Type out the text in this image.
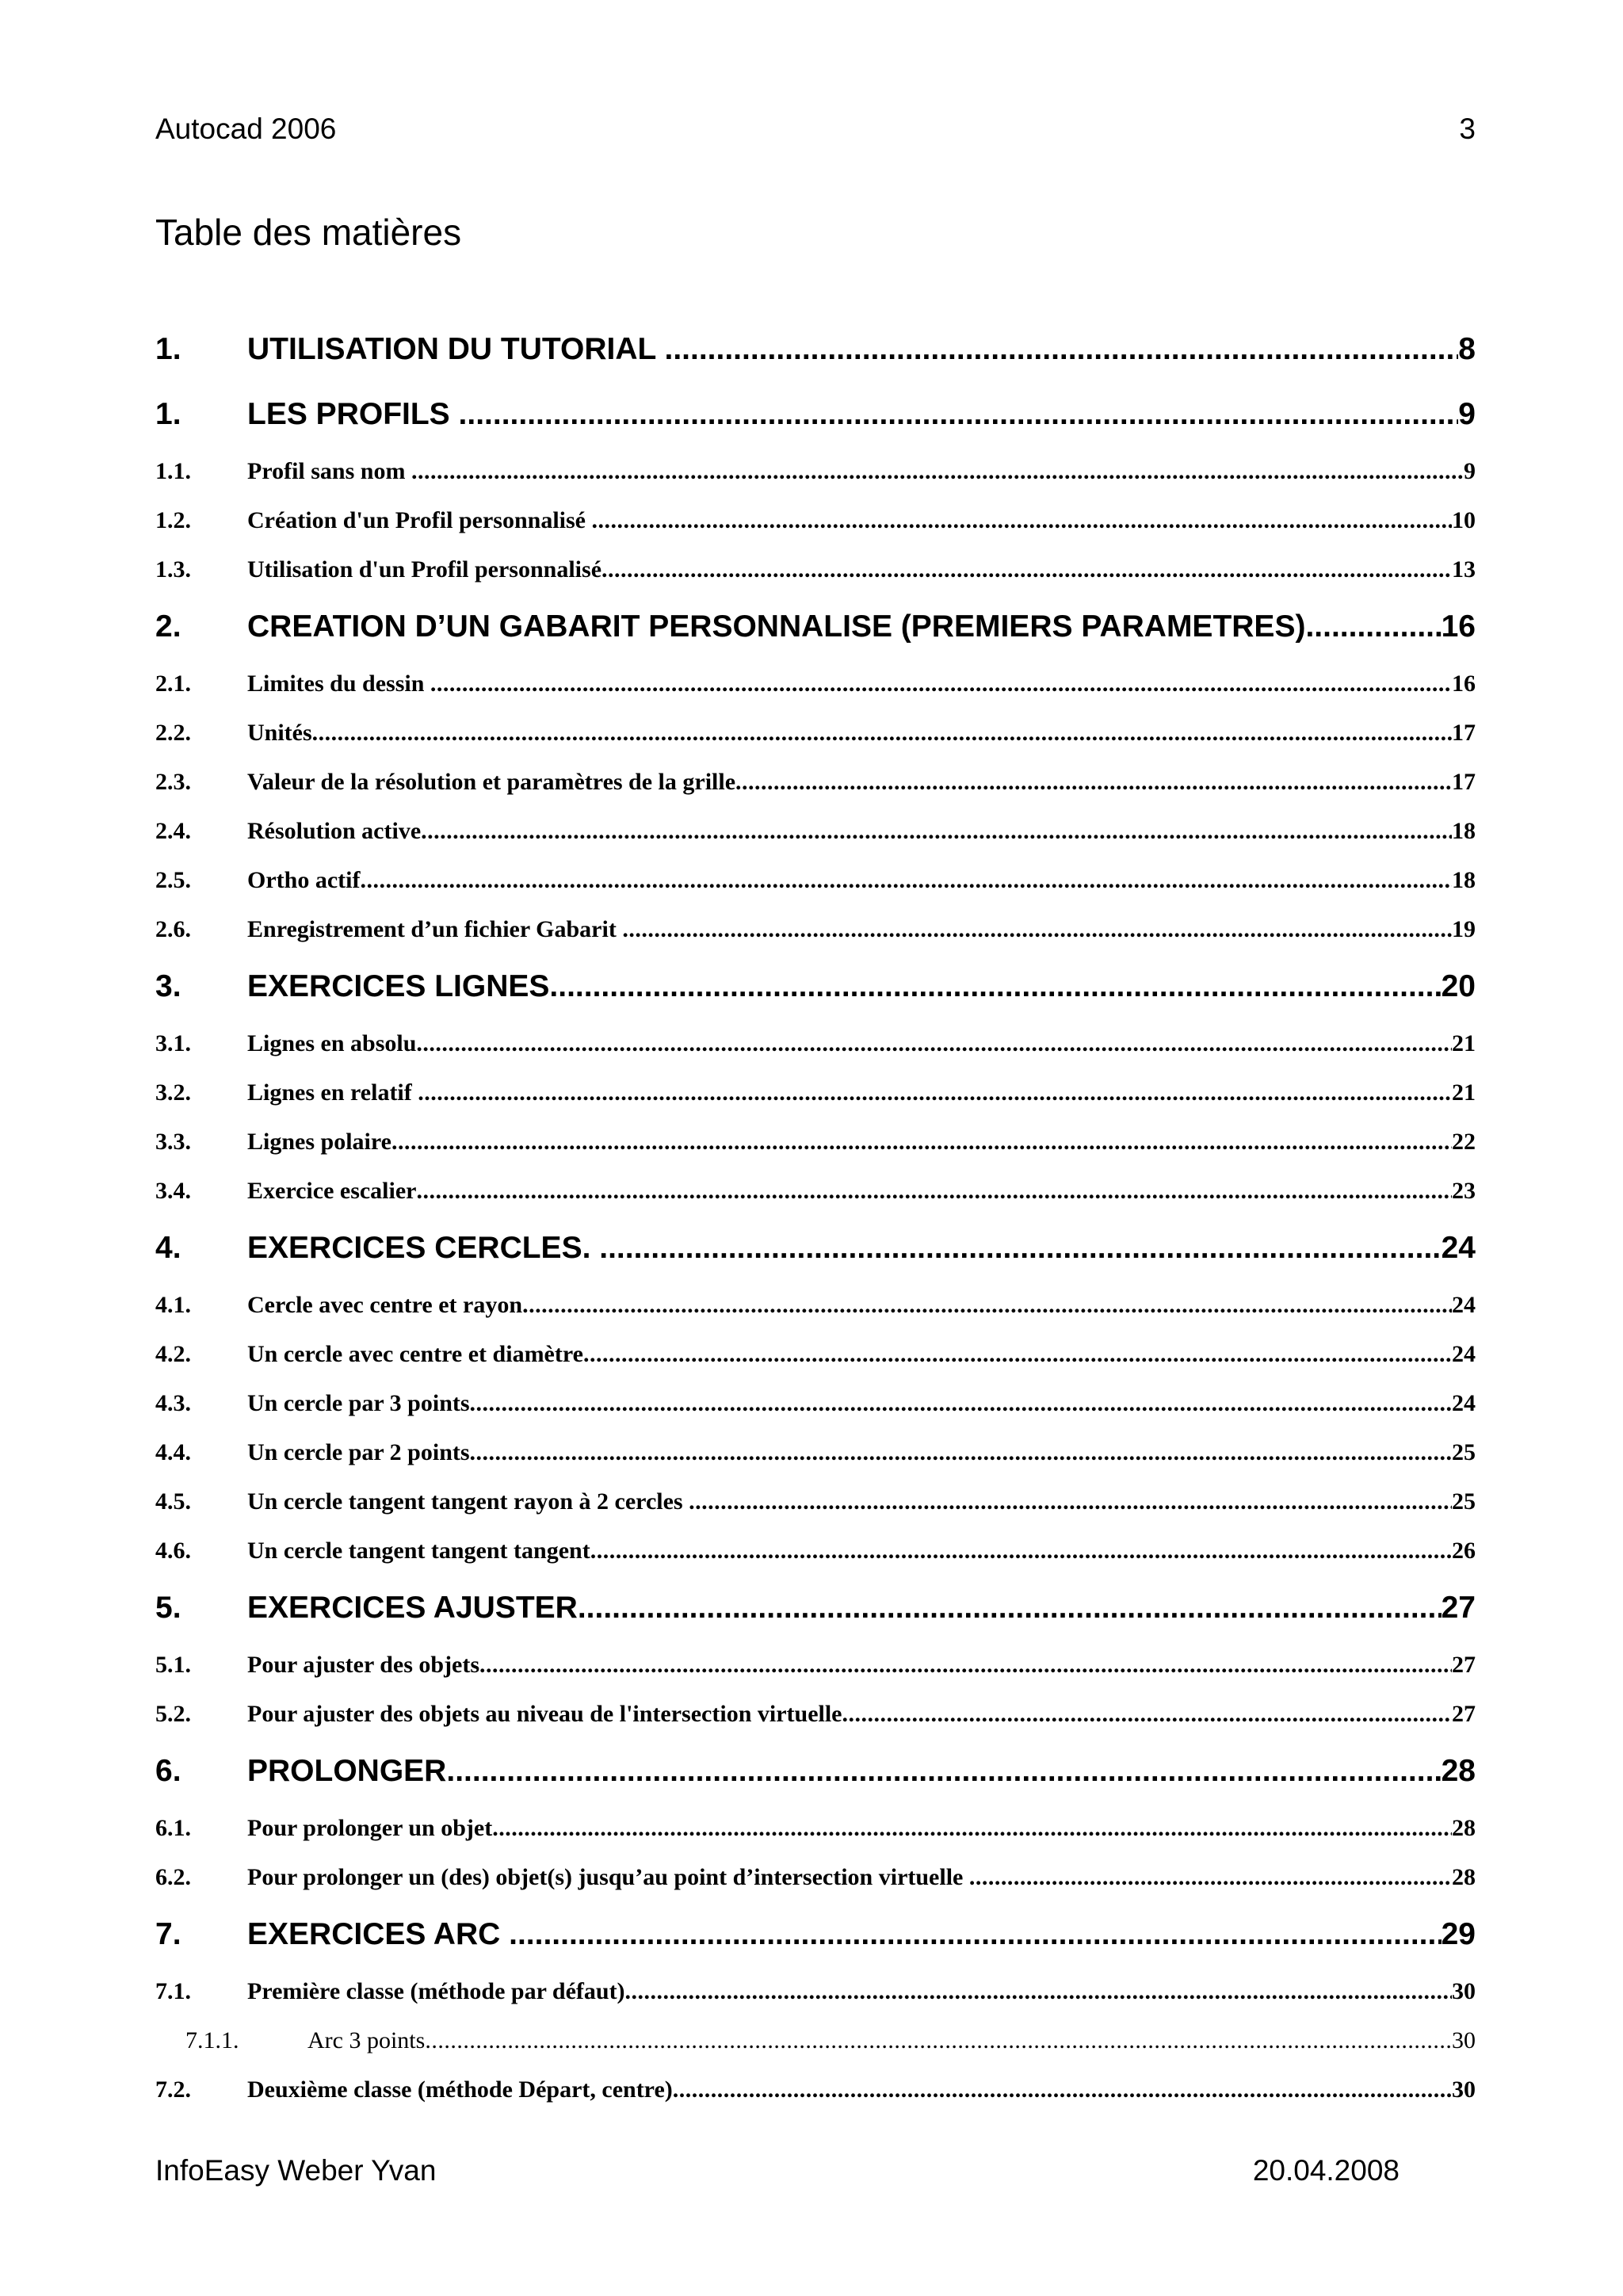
Autocad 2006	3
Table des matières
1.	UTILISATION DU TUTORIAL .....	8
1.	LES PROFILS .....	9
1.1.	Profil sans nom .....	9
1.2.	Création d'un Profil personnalisé .....	10
1.3.	Utilisation d'un Profil personnalisé .....	13
2.	CREATION D’UN GABARIT PERSONNALISE (PREMIERS PARAMETRES) .....	16
2.1.	Limites du dessin .....	16
2.2.	Unités .....	17
2.3.	Valeur de la résolution et paramètres de la grille .....	17
2.4.	Résolution active .....	18
2.5.	Ortho actif .....	18
2.6.	Enregistrement d’un fichier Gabarit .....	19
3.	EXERCICES LIGNES. .....	20
3.1.	Lignes en absolu .....	21
3.2.	Lignes en relatif .....	21
3.3.	Lignes polaire .....	22
3.4.	Exercice escalier .....	23
4.	EXERCICES CERCLES. .....	24
4.1.	Cercle avec centre et rayon .....	24
4.2.	Un cercle avec centre et diamètre .....	24
4.3.	Un cercle par 3 points .....	24
4.4.	Un cercle par 2 points .....	25
4.5.	Un cercle tangent tangent rayon à 2 cercles .....	25
4.6.	Un cercle tangent tangent tangent .....	26
5.	EXERCICES AJUSTER .....	27
5.1.	Pour ajuster des objets .....	27
5.2.	Pour ajuster des objets au niveau de l'intersection virtuelle .....	27
6.	PROLONGER .....	28
6.1.	Pour prolonger un objet .....	28
6.2.	Pour prolonger un (des) objet(s) jusqu’au point d’intersection virtuelle .....	28
7.	EXERCICES ARC .....	29
7.1.	Première classe (méthode par défaut) .....	30
7.1.1.	Arc 3 points .....	30
7.2.	Deuxième classe (méthode Départ, centre) .....	30
InfoEasy Weber Yvan	20.04.2008
